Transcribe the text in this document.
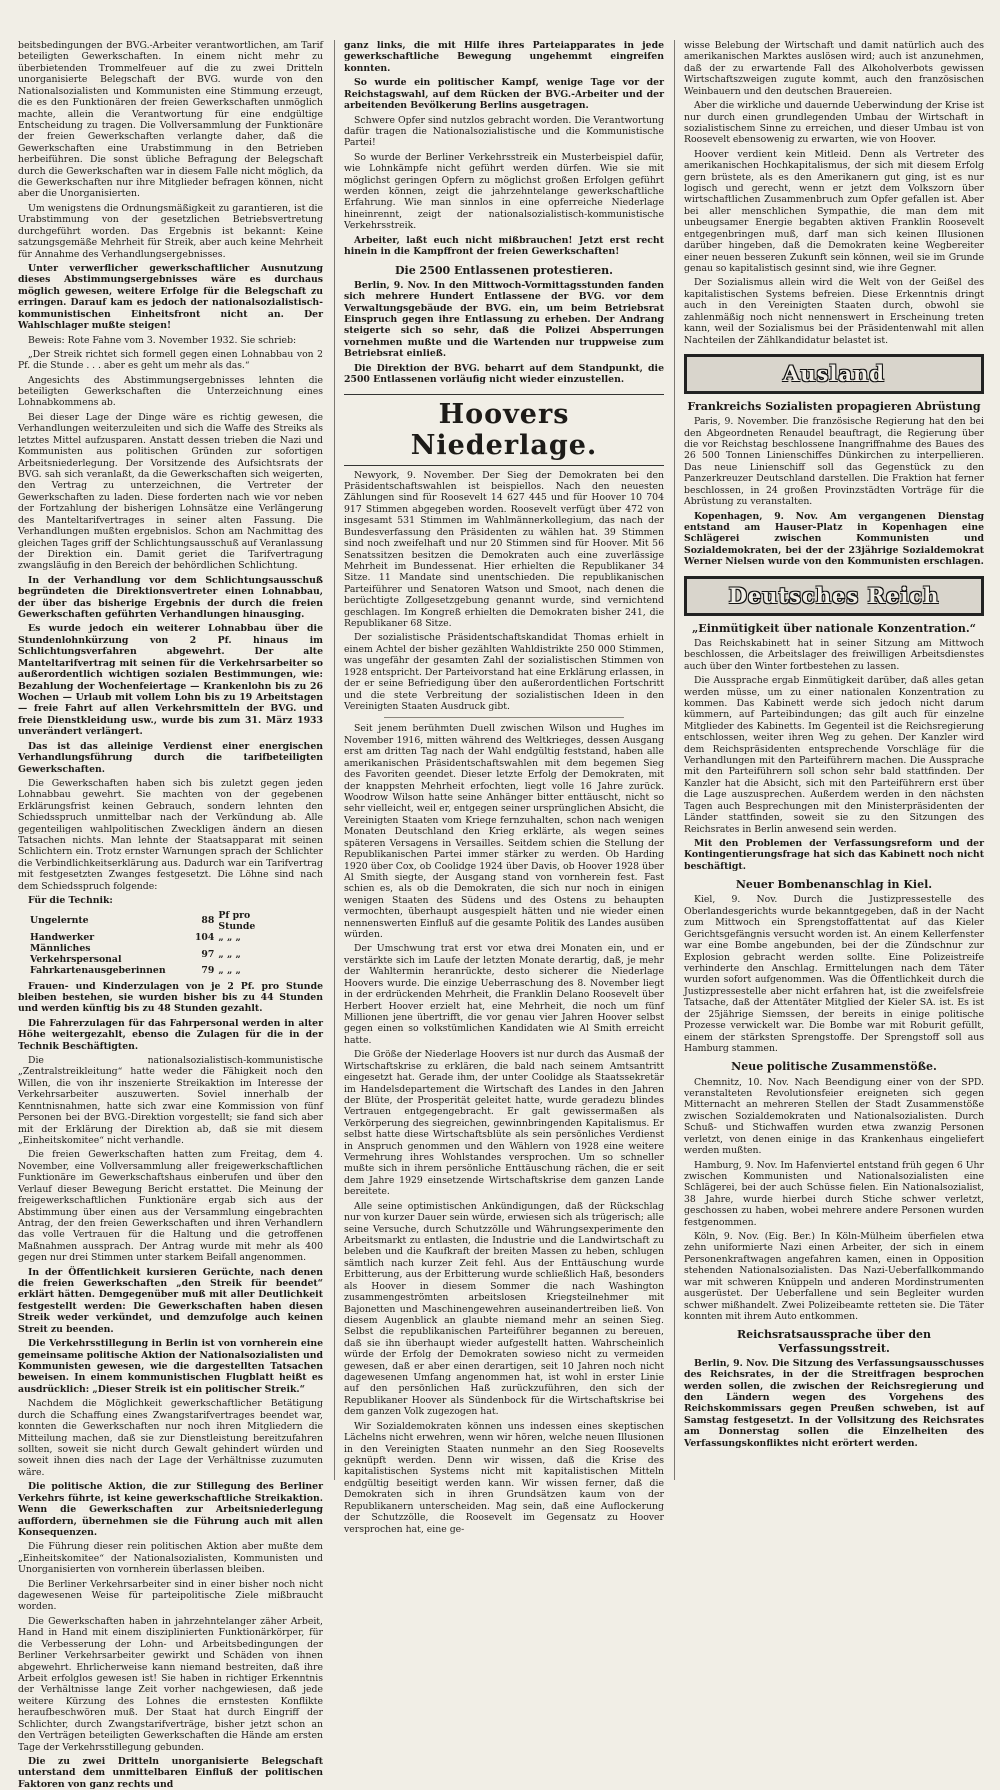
beitsbedingungen der BVG.-Arbeiter verantwortlichen, am Tarif beteiligten Gewerkschaften. In einem nicht mehr zu überbietenden Trommelfeuer auf die zu zwei Dritteln unorganisierte Belegschaft der BVG. wurde von den Nationalsozialisten und Kommunisten eine Stimmung erzeugt, die es den Funktionären der freien Gewerkschaften unmöglich machte, allein die Verantwortung für eine endgültige Entscheidung zu tragen. Die Vollversammlung der Funktionäre der freien Gewerkschaften verlangte daher, daß die Gewerkschaften eine Urabstimmung in den Betrieben herbeiführen. Die sonst übliche Befragung der Belegschaft durch die Gewerkschaften war in diesem Falle nicht möglich, da die Gewerkschaften nur ihre Mitglieder befragen können, nicht aber die Unorganisierten.

Um wenigstens die Ordnungsmäßigkeit zu garantieren, ist die Urabstimmung von der gesetzlichen Betriebsvertretung durchgeführt worden. Das Ergebnis ist bekannt: Keine satzungsgemäße Mehrheit für Streik, aber auch keine Mehrheit für Annahme des Verhandlungsergebnisses.

Unter verwerflicher gewerkschaftlicher Ausnutzung dieses Abstimmungsergebnisses wäre es durchaus möglich gewesen, weitere Erfolge für die Belegschaft zu erringen. Darauf kam es jedoch der nationalsozialistisch-kommunistischen Einheitsfront nicht an. Der Wahlschlager mußte steigen!

Beweis: Rote Fahne vom 3. November 1932. Sie schrieb:

„Der Streik richtet sich formell gegen einen Lohnabbau von 2 Pf. die Stunde . . . aber es geht um mehr als das.“

Angesichts des Abstimmungsergebnisses lehnten die beteiligten Gewerkschaften die Unterzeichnung eines Lohnabkommens ab.

Bei dieser Lage der Dinge wäre es richtig gewesen, die Verhandlungen weiterzuleiten und sich die Waffe des Streiks als letztes Mittel aufzusparen. Anstatt dessen trieben die Nazi und Kommunisten aus politischen Gründen zur sofortigen Arbeitsniederlegung. Der Vorsitzende des Aufsichtsrats der BVG. sah sich veranlaßt, da die Gewerkschaften sich weigerten, den Vertrag zu unterzeichnen, die Vertreter der Gewerkschaften zu laden. Diese forderten nach wie vor neben der Fortzahlung der bisherigen Lohnsätze eine Verlängerung des Manteltarifvertrages in seiner alten Fassung. Die Verhandlungen mußten ergebnislos. Schon am Nachmittag des gleichen Tages griff der Schlichtungsausschuß auf Veranlassung der Direktion ein. Damit geriet die Tarifvertragung zwangsläufig in den Bereich der behördlichen Schlichtung.

In der Verhandlung vor dem Schlichtungsausschuß begründeten die Direktionsvertreter einen Lohnabbau, der über das bisherige Ergebnis der durch die freien Gewerkschaften geführten Verhandlungen hinausging.

Es wurde jedoch ein weiterer Lohnabbau über die Stundenlohnkürzung von 2 Pf. hinaus im Schlichtungsverfahren abgewehrt. Der alte Manteltarifvertrag mit seinen für die Verkehrsarbeiter so außerordentlich wichtigen sozialen Bestimmungen, wie: Bezahlung der Wochenfeiertage — Krankenlohn bis zu 26 Wochen — Urlaub mit vollem Lohn bis zu 19 Arbeitstagen — freie Fahrt auf allen Verkehrsmitteln der BVG. und freie Dienstkleidung usw., wurde bis zum 31. März 1933 unverändert verlängert.

Das ist das alleinige Verdienst einer energischen Verhandlungsführung durch die tarifbeteiligten Gewerkschaften.

Die Gewerkschaften haben sich bis zuletzt gegen jeden Lohnabbau gewehrt. Sie machten von der gegebenen Erklärungsfrist keinen Gebrauch, sondern lehnten den Schiedsspruch unmittelbar nach der Verkündung ab. Alle gegenteiligen wahlpolitischen Zweckligen ändern an diesen Tatsachen nichts. Man lehnte der Staatsapparat mit seinen Schlichtern ein. Trotz ernster Warnungen sprach der Schlichter die Verbindlichkeitserklärung aus. Dadurch war ein Tarifvertrag mit festgesetzten Zwanges festgesetzt. Die Löhne sind nach dem Schiedsspruch folgende:

Für die Technik:

Ungelernte	88	Pf pro Stunde
Handwerker	104	„ „ „
Männliches Verkehrspersonal	97	„ „ „
Fahrkartenausgeberinnen	79	„ „ „

Frauen- und Kinderzulagen von je 2 Pf. pro Stunde bleiben bestehen, sie wurden bisher bis zu 44 Stunden und werden künftig bis zu 48 Stunden gezahlt.

Die Fahrerzulagen für das Fahrpersonal werden in alter Höhe weitergezahlt, ebenso die Zulagen für die in der Technik Beschäftigten.

Die nationalsozialistisch-kommunistische „Zentralstreikleitung“ hatte weder die Fähigkeit noch den Willen, die von ihr inszenierte Streikaktion im Interesse der Verkehrsarbeiter auszuwerten. Soviel innerhalb der Kenntnisnahmen, hatte sich zwar eine Kommission von fünf Personen bei der BVG.-Direktion vorgestellt; sie fand sich aber mit der Erklärung der Direktion ab, daß sie mit diesem „Einheitskomitee“ nicht verhandle.

Die freien Gewerkschaften hatten zum Freitag, dem 4. November, eine Vollversammlung aller freigewerkschaftlichen Funktionäre im Gewerkschaftshaus einberufen und über den Verlauf dieser Bewegung Bericht erstattet. Die Meinung der freigewerkschaftlichen Funktionäre ergab sich aus der Abstimmung über einen aus der Versammlung eingebrachten Antrag, der den freien Gewerkschaften und ihren Verhandlern das volle Vertrauen für die Haltung und die getroffenen Maßnahmen aussprach. Der Antrag wurde mit mehr als 400 gegen nur drei Stimmen unter starkem Beifall angenommen.

In der Öffentlichkeit kursieren Gerüchte, nach denen die freien Gewerkschaften „den Streik für beendet“ erklärt hätten. Demgegenüber muß mit aller Deutlichkeit festgestellt werden: Die Gewerkschaften haben diesen Streik weder verkündet, und demzufolge auch keinen Streit zu beenden.

Die Verkehrsstillegung in Berlin ist von vornherein eine gemeinsame politische Aktion der Nationalsozialisten und Kommunisten gewesen, wie die dargestellten Tatsachen beweisen. In einem kommunistischen Flugblatt heißt es ausdrücklich: „Dieser Streik ist ein politischer Streik.“

Nachdem die Möglichkeit gewerkschaftlicher Betätigung durch die Schaffung eines Zwangstarifvertrages beendet war, konnten die Gewerkschaften nur noch ihren Mitgliedern die Mitteilung machen, daß sie zur Dienstleistung bereitzufahren sollten, soweit sie nicht durch Gewalt gehindert würden und soweit ihnen dies nach der Lage der Verhältnisse zuzumuten wäre.

Die politische Aktion, die zur Stillegung des Berliner Verkehrs führte, ist keine gewerkschaftliche Streikaktion. Wenn die Gewerkschaften zur Arbeitsniederlegung auffordern, übernehmen sie die Führung auch mit allen Konsequenzen.

Die Führung dieser rein politischen Aktion aber mußte dem „Einheitskomitee“ der Nationalsozialisten, Kommunisten und Unorganisierten von vornherein überlassen bleiben.

Die Berliner Verkehrsarbeiter sind in einer bisher noch nicht dagewesenen Weise für parteipolitische Ziele mißbraucht worden.

Die Gewerkschaften haben in jahrzehntelanger zäher Arbeit, Hand in Hand mit einem disziplinierten Funktionärkörper, für die Verbesserung der Lohn- und Arbeitsbedingungen der Berliner Verkehrsarbeiter gewirkt und Schäden von ihnen abgewehrt. Ehrlicherweise kann niemand bestreiten, daß ihre Arbeit erfolglos gewesen ist! Sie haben in richtiger Erkenntnis der Verhältnisse lange Zeit vorher nachgewiesen, daß jede weitere Kürzung des Lohnes die ernstesten Konflikte heraufbeschwören muß. Der Staat hat durch Eingriff der Schlichter, durch Zwangstarifverträge, bisher jetzt schon an den Verträgen beteiligten Gewerkschaften die Hände am ersten Tage der Verkehrsstillegung gebunden.

Die zu zwei Dritteln unorganisierte Belegschaft unterstand dem unmittelbaren Einfluß der politischen Faktoren von ganz rechts und

ganz links, die mit Hilfe ihres Parteiapparates in jede gewerkschaftliche Bewegung ungehemmt eingreifen konnten.

So wurde ein politischer Kampf, wenige Tage vor der Reichstagswahl, auf dem Rücken der BVG.-Arbeiter und der arbeitenden Bevölkerung Berlins ausgetragen.

Schwere Opfer sind nutzlos gebracht worden. Die Verantwortung dafür tragen die Nationalsozialistische und die Kommunistische Partei!

So wurde der Berliner Verkehrsstreik ein Musterbeispiel dafür, wie Lohnkämpfe nicht geführt werden dürfen. Wie sie mit möglichst geringen Opfern zu möglichst großen Erfolgen geführt werden können, zeigt die jahrzehntelange gewerkschaftliche Erfahrung. Wie man sinnlos in eine opferreiche Niederlage hineinrennt, zeigt der nationalsozialistisch-kommunistische Verkehrsstreik.

Arbeiter, laßt euch nicht mißbrauchen! Jetzt erst recht hinein in die Kampffront der freien Gewerkschaften!

Die 2500 Entlassenen protestieren.

Berlin, 9. Nov. In den Mittwoch-Vormittagsstunden fanden sich mehrere Hundert Entlassene der BVG. vor dem Verwaltungsgebäude der BVG. ein, um beim Betriebsrat Einspruch gegen ihre Entlassung zu erheben. Der Andrang steigerte sich so sehr, daß die Polizei Absperrungen vornehmen mußte und die Wartenden nur truppweise zum Betriebsrat einließ.

Die Direktion der BVG. beharrt auf dem Standpunkt, die 2500 Entlassenen vorläufig nicht wieder einzustellen.

Hoovers Niederlage.

Newyork, 9. November. Der Sieg der Demokraten bei den Präsidentschaftswahlen ist beispiellos. Nach den neuesten Zählungen sind für Roosevelt 14 627 445 und für Hoover 10 704 917 Stimmen abgegeben worden. Roosevelt verfügt über 472 von insgesamt 531 Stimmen im Wahlmännerkollegium, das nach der Bundesverfassung den Präsidenten zu wählen hat. 39 Stimmen sind noch zweifelhaft und nur 20 Stimmen sind für Hoover. Mit 56 Senatssitzen besitzen die Demokraten auch eine zuverlässige Mehrheit im Bundessenat. Hier erhielten die Republikaner 34 Sitze. 11 Mandate sind unentschieden. Die republikanischen Parteiführer und Senatoren Watson und Smoot, nach denen die berüchtigte Zollgesetzgebung genannt wurde, sind vernichtend geschlagen. Im Kongreß erhielten die Demokraten bisher 241, die Republikaner 68 Sitze.

Der sozialistische Präsidentschaftskandidat Thomas erhielt in einem Achtel der bisher gezählten Wahldistrikte 250 000 Stimmen, was ungefähr der gesamten Zahl der sozialistischen Stimmen von 1928 entspricht. Der Parteivorstand hat eine Erklärung erlassen, in der er seine Befriedigung über den außerordentlichen Fortschritt und die stete Verbreitung der sozialistischen Ideen in den Vereinigten Staaten Ausdruck gibt.

Seit jenem berühmten Duell zwischen Wilson und Hughes im November 1916, mitten während des Weltkrieges, dessen Ausgang erst am dritten Tag nach der Wahl endgültig feststand, haben alle amerikanischen Präsidentschaftswahlen mit dem begemen Sieg des Favoriten geendet. Dieser letzte Erfolg der Demokraten, mit der knappsten Mehrheit erfochten, liegt volle 16 Jahre zurück. Woodrow Wilson hatte seine Anhänger bitter enttäuscht, nicht so sehr vielleicht, weil er, entgegen seiner ursprünglichen Absicht, die Vereinigten Staaten vom Kriege fernzuhalten, schon nach wenigen Monaten Deutschland den Krieg erklärte, als wegen seines späteren Versagens in Versailles. Seitdem schien die Stellung der Republikanischen Partei immer stärker zu werden. Ob Harding 1920 über Cox, ob Coolidge 1924 über Davis, ob Hoover 1928 über Al Smith siegte, der Ausgang stand von vornherein fest. Fast schien es, als ob die Demokraten, die sich nur noch in einigen wenigen Staaten des Südens und des Ostens zu behaupten vermochten, überhaupt ausgespielt hätten und nie wieder einen nennenswerten Einfluß auf die gesamte Politik des Landes ausüben würden.

Der Umschwung trat erst vor etwa drei Monaten ein, und er verstärkte sich im Laufe der letzten Monate derartig, daß, je mehr der Wahltermin heranrückte, desto sicherer die Niederlage Hoovers wurde. Die einzige Ueberraschung des 8. November liegt in der erdrückenden Mehrheit, die Franklin Delano Roosevelt über Herbert Hoover erzielt hat, eine Mehrheit, die noch um fünf Millionen jene übertrifft, die vor genau vier Jahren Hoover selbst gegen einen so volkstümlichen Kandidaten wie Al Smith erreicht hatte.

Die Größe der Niederlage Hoovers ist nur durch das Ausmaß der Wirtschaftskrise zu erklären, die bald nach seinem Amtsantritt eingesetzt hat. Gerade ihm, der unter Coolidge als Staatssekretär im Handelsdepartement die Wirtschaft des Landes in den Jahren der Blüte, der Prosperität geleitet hatte, wurde geradezu blindes Vertrauen entgegengebracht. Er galt gewissermaßen als Verkörperung des siegreichen, gewinnbringenden Kapitalismus. Er selbst hatte diese Wirtschaftsblüte als sein persönliches Verdienst in Anspruch genommen und den Wählern von 1928 eine weitere Vermehrung ihres Wohlstandes versprochen. Um so schneller mußte sich in ihrem persönliche Enttäuschung rächen, die er seit dem Jahre 1929 einsetzende Wirtschaftskrise dem ganzen Lande bereitete.

Alle seine optimistischen Ankündigungen, daß der Rückschlag nur von kurzer Dauer sein würde, erwiesen sich als trügerisch; alle seine Versuche, durch Schutzzölle und Währungsexperimente den Arbeitsmarkt zu entlasten, die Industrie und die Landwirtschaft zu beleben und die Kaufkraft der breiten Massen zu heben, schlugen sämtlich nach kurzer Zeit fehl. Aus der Enttäuschung wurde Erbitterung, aus der Erbitterung wurde schließlich Haß, besonders als Hoover in diesem Sommer die nach Washington zusammengeströmten arbeitslosen Kriegsteilnehmer mit Bajonetten und Maschinengewehren auseinandertreiben ließ. Von diesem Augenblick an glaubte niemand mehr an seinen Sieg. Selbst die republikanischen Parteiführer begannen zu bereuen, daß sie ihn überhaupt wieder aufgestellt hatten. Wahrscheinlich würde der Erfolg der Demokraten sowieso nicht zu vermeiden gewesen, daß er aber einen derartigen, seit 10 Jahren noch nicht dagewesenen Umfang angenommen hat, ist wohl in erster Linie auf den persönlichen Haß zurückzuführen, den sich der Republikaner Hoover als Sündenbock für die Wirtschaftskrise bei dem ganzen Volk zugezogen hat.

Wir Sozialdemokraten können uns indessen eines skeptischen Lächelns nicht erwehren, wenn wir hören, welche neuen Illusionen in den Vereinigten Staaten nunmehr an den Sieg Roosevelts geknüpft werden. Denn wir wissen, daß die Krise des kapitalistischen Systems nicht mit kapitalistischen Mitteln endgültig beseitigt werden kann. Wir wissen ferner, daß die Demokraten sich in ihren Grundsätzen kaum von der Republikanern unterscheiden. Mag sein, daß eine Auflockerung der Schutzzölle, die Roosevelt im Gegensatz zu Hoover versprochen hat, eine ge-

wisse Belebung der Wirtschaft und damit natürlich auch des amerikanischen Marktes auslösen wird; auch ist anzunehmen, daß der zu erwartende Fall des Alkoholverbots gewissen Wirtschaftszweigen zugute kommt, auch den französischen Weinbauern und den deutschen Brauereien.

Aber die wirkliche und dauernde Ueberwindung der Krise ist nur durch einen grundlegenden Umbau der Wirtschaft in sozialistischem Sinne zu erreichen, und dieser Umbau ist von Roosevelt ebensowenig zu erwarten, wie von Hoover.

Hoover verdient kein Mitleid. Denn als Vertreter des amerikanischen Hochkapitalismus, der sich mit diesem Erfolg gern brüstete, als es den Amerikanern gut ging, ist es nur logisch und gerecht, wenn er jetzt dem Volkszorn über wirtschaftlichen Zusammenbruch zum Opfer gefallen ist. Aber bei aller menschlichen Sympathie, die man dem mit unbeugsamer Energie begabten aktiven Franklin Roosevelt entgegenbringen muß, darf man sich keinen Illusionen darüber hingeben, daß die Demokraten keine Wegbereiter einer neuen besseren Zukunft sein können, weil sie im Grunde genau so kapitalistisch gesinnt sind, wie ihre Gegner.

Der Sozialismus allein wird die Welt von der Geißel des kapitalistischen Systems befreien. Diese Erkenntnis dringt auch in den Vereinigten Staaten durch, obwohl sie zahlenmäßig noch nicht nennenswert in Erscheinung treten kann, weil der Sozialismus bei der Präsidentenwahl mit allen Nachteilen der Zählkandidatur belastet ist.

Ausland
Frankreichs Sozialisten propagieren Abrüstung

Paris, 9. November. Die französische Regierung hat den bei den Abgeordneten Renaudel beauftragt, die Regierung über die vor Reichstag beschlossene Inangriffnahme des Baues des 26 500 Tonnen Linienschiffes Dünkirchen zu interpellieren. Das neue Linienschiff soll das Gegenstück zu den Panzerkreuzer Deutschland darstellen. Die Fraktion hat ferner beschlossen, in 24 großen Provinzstädten Vorträge für die Abrüstung zu veranstalten.

Kopenhagen, 9. Nov. Am vergangenen Dienstag entstand am Hauser-Platz in Kopenhagen eine Schlägerei zwischen Kommunisten und Sozialdemokraten, bei der der 23jährige Sozialdemokrat Werner Nielsen wurde von den Kommunisten erschlagen.

Deutsches Reich
„Einmütigkeit über nationale Konzentration.“

Das Reichskabinett hat in seiner Sitzung am Mittwoch beschlossen, die Arbeitslager des freiwilligen Arbeitsdienstes auch über den Winter fortbestehen zu lassen.

Die Aussprache ergab Einmütigkeit darüber, daß alles getan werden müsse, um zu einer nationalen Konzentration zu kommen. Das Kabinett werde sich jedoch nicht darum kümmern, auf Parteibindungen; das gilt auch für einzelne Mitglieder des Kabinetts. Im Gegenteil ist die Reichsregierung entschlossen, weiter ihren Weg zu gehen. Der Kanzler wird dem Reichspräsidenten entsprechende Vorschläge für die Verhandlungen mit den Parteiführern machen. Die Aussprache mit den Parteiführern soll schon sehr bald stattfinden. Der Kanzler hat die Absicht, sich mit den Parteiführern erst über die Lage auszusprechen. Außerdem werden in den nächsten Tagen auch Besprechungen mit den Ministerpräsidenten der Länder stattfinden, soweit sie zu den Sitzungen des Reichsrates in Berlin anwesend sein werden.

Mit den Problemen der Verfassungsreform und der Kontingentierungsfrage hat sich das Kabinett noch nicht beschäftigt.

Neuer Bombenanschlag in Kiel.

Kiel, 9. Nov. Durch die Justizpressestelle des Oberlandesgerichts wurde bekanntgegeben, daß in der Nacht zum Mittwoch ein Sprengstoffattentat auf das Kieler Gerichtsgefängnis versucht worden ist. An einem Kellerfenster war eine Bombe angebunden, bei der die Zündschnur zur Explosion gebracht werden sollte. Eine Polizeistreife verhinderte den Anschlag. Ermittelungen nach dem Täter wurden sofort aufgenommen. Was die Öffentlichkeit durch die Justizpressestelle aber nicht erfahren hat, ist die zweifelsfreie Tatsache, daß der Attentäter Mitglied der Kieler SA. ist. Es ist der 25jährige Siemssen, der bereits in einige politische Prozesse verwickelt war. Die Bombe war mit Roburit gefüllt, einem der stärksten Sprengstoffe. Der Sprengstoff soll aus Hamburg stammen.

Neue politische Zusammenstöße.

Chemnitz, 10. Nov. Nach Beendigung einer von der SPD. veranstalteten Revolutionsfeier ereigneten sich gegen Mitternacht an mehreren Stellen der Stadt Zusammenstöße zwischen Sozialdemokraten und Nationalsozialisten. Durch Schuß- und Stichwaffen wurden etwa zwanzig Personen verletzt, von denen einige in das Krankenhaus eingeliefert werden mußten.

Hamburg, 9. Nov. Im Hafenviertel entstand früh gegen 6 Uhr zwischen Kommunisten und Nationalsozialisten eine Schlägerei, bei der auch Schüsse fielen. Ein Nationalsozialist, 38 Jahre, wurde hierbei durch Stiche schwer verletzt, geschossen zu haben, wobei mehrere andere Personen wurden festgenommen.

Köln, 9. Nov. (Eig. Ber.) In Köln-Mülheim überfielen etwa zehn uniformierte Nazi einen Arbeiter, der sich in einem Personenkraftwagen angefahren kamen, einen in Opposition stehenden Nationalsozialisten. Das Nazi-Ueberfallkommando war mit schweren Knüppeln und anderen Mordinstrumenten ausgerüstet. Der Ueberfallene und sein Begleiter wurden schwer mißhandelt. Zwei Polizeibeamte retteten sie. Die Täter konnten mit ihrem Auto entkommen.

Reichsratsaussprache über den Verfassungsstreit.

Berlin, 9. Nov. Die Sitzung des Verfassungsausschusses des Reichsrates, in der die Streitfragen besprochen werden sollen, die zwischen der Reichsregierung und den Ländern wegen des Vorgehens des Reichskommissars gegen Preußen schweben, ist auf Samstag festgesetzt. In der Vollsitzung des Reichsrates am Donnerstag sollen die Einzelheiten des Verfassungskonfliktes nicht erörtert werden.
